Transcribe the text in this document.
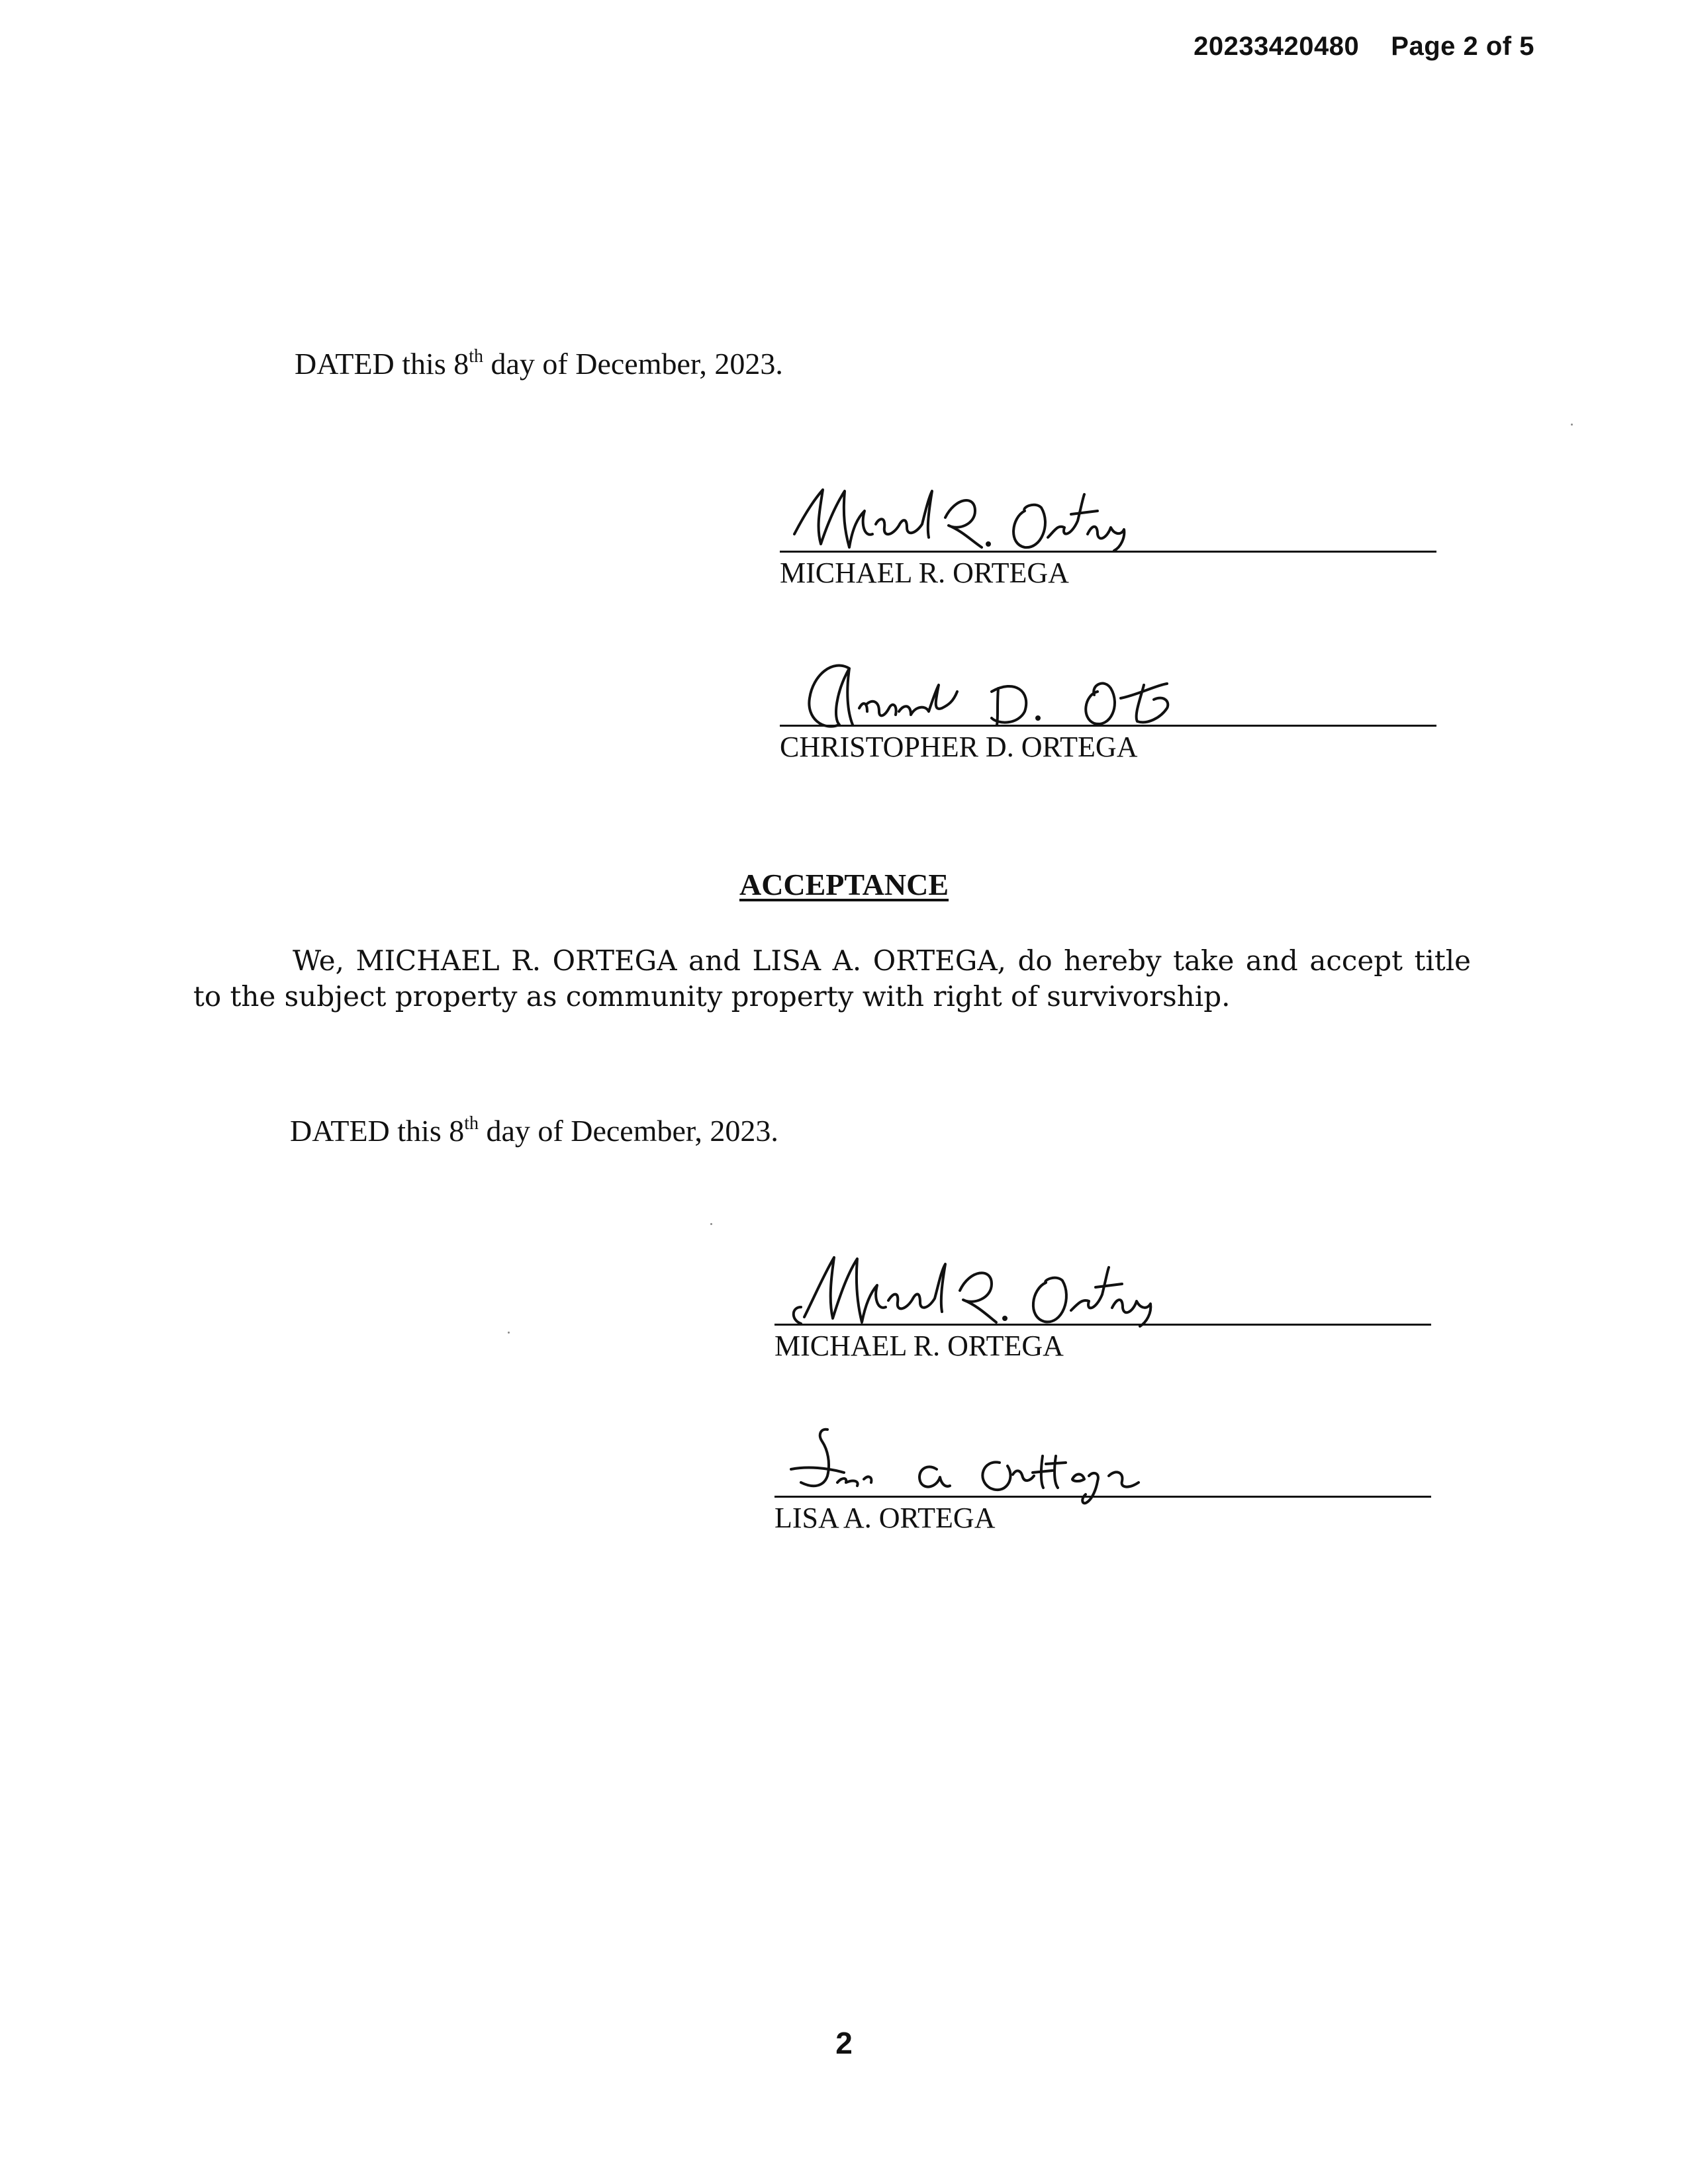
20233420480 Page 2 of 5
DATED this 8th day of December, 2023.
MICHAEL R. ORTEGA
CHRISTOPHER D. ORTEGA
ACCEPTANCE
We, MICHAEL R. ORTEGA and LISA A. ORTEGA, do hereby take and accept title to the subject property as community property with right of survivorship.
DATED this 8th day of December, 2023.
MICHAEL R. ORTEGA
LISA A. ORTEGA
2
